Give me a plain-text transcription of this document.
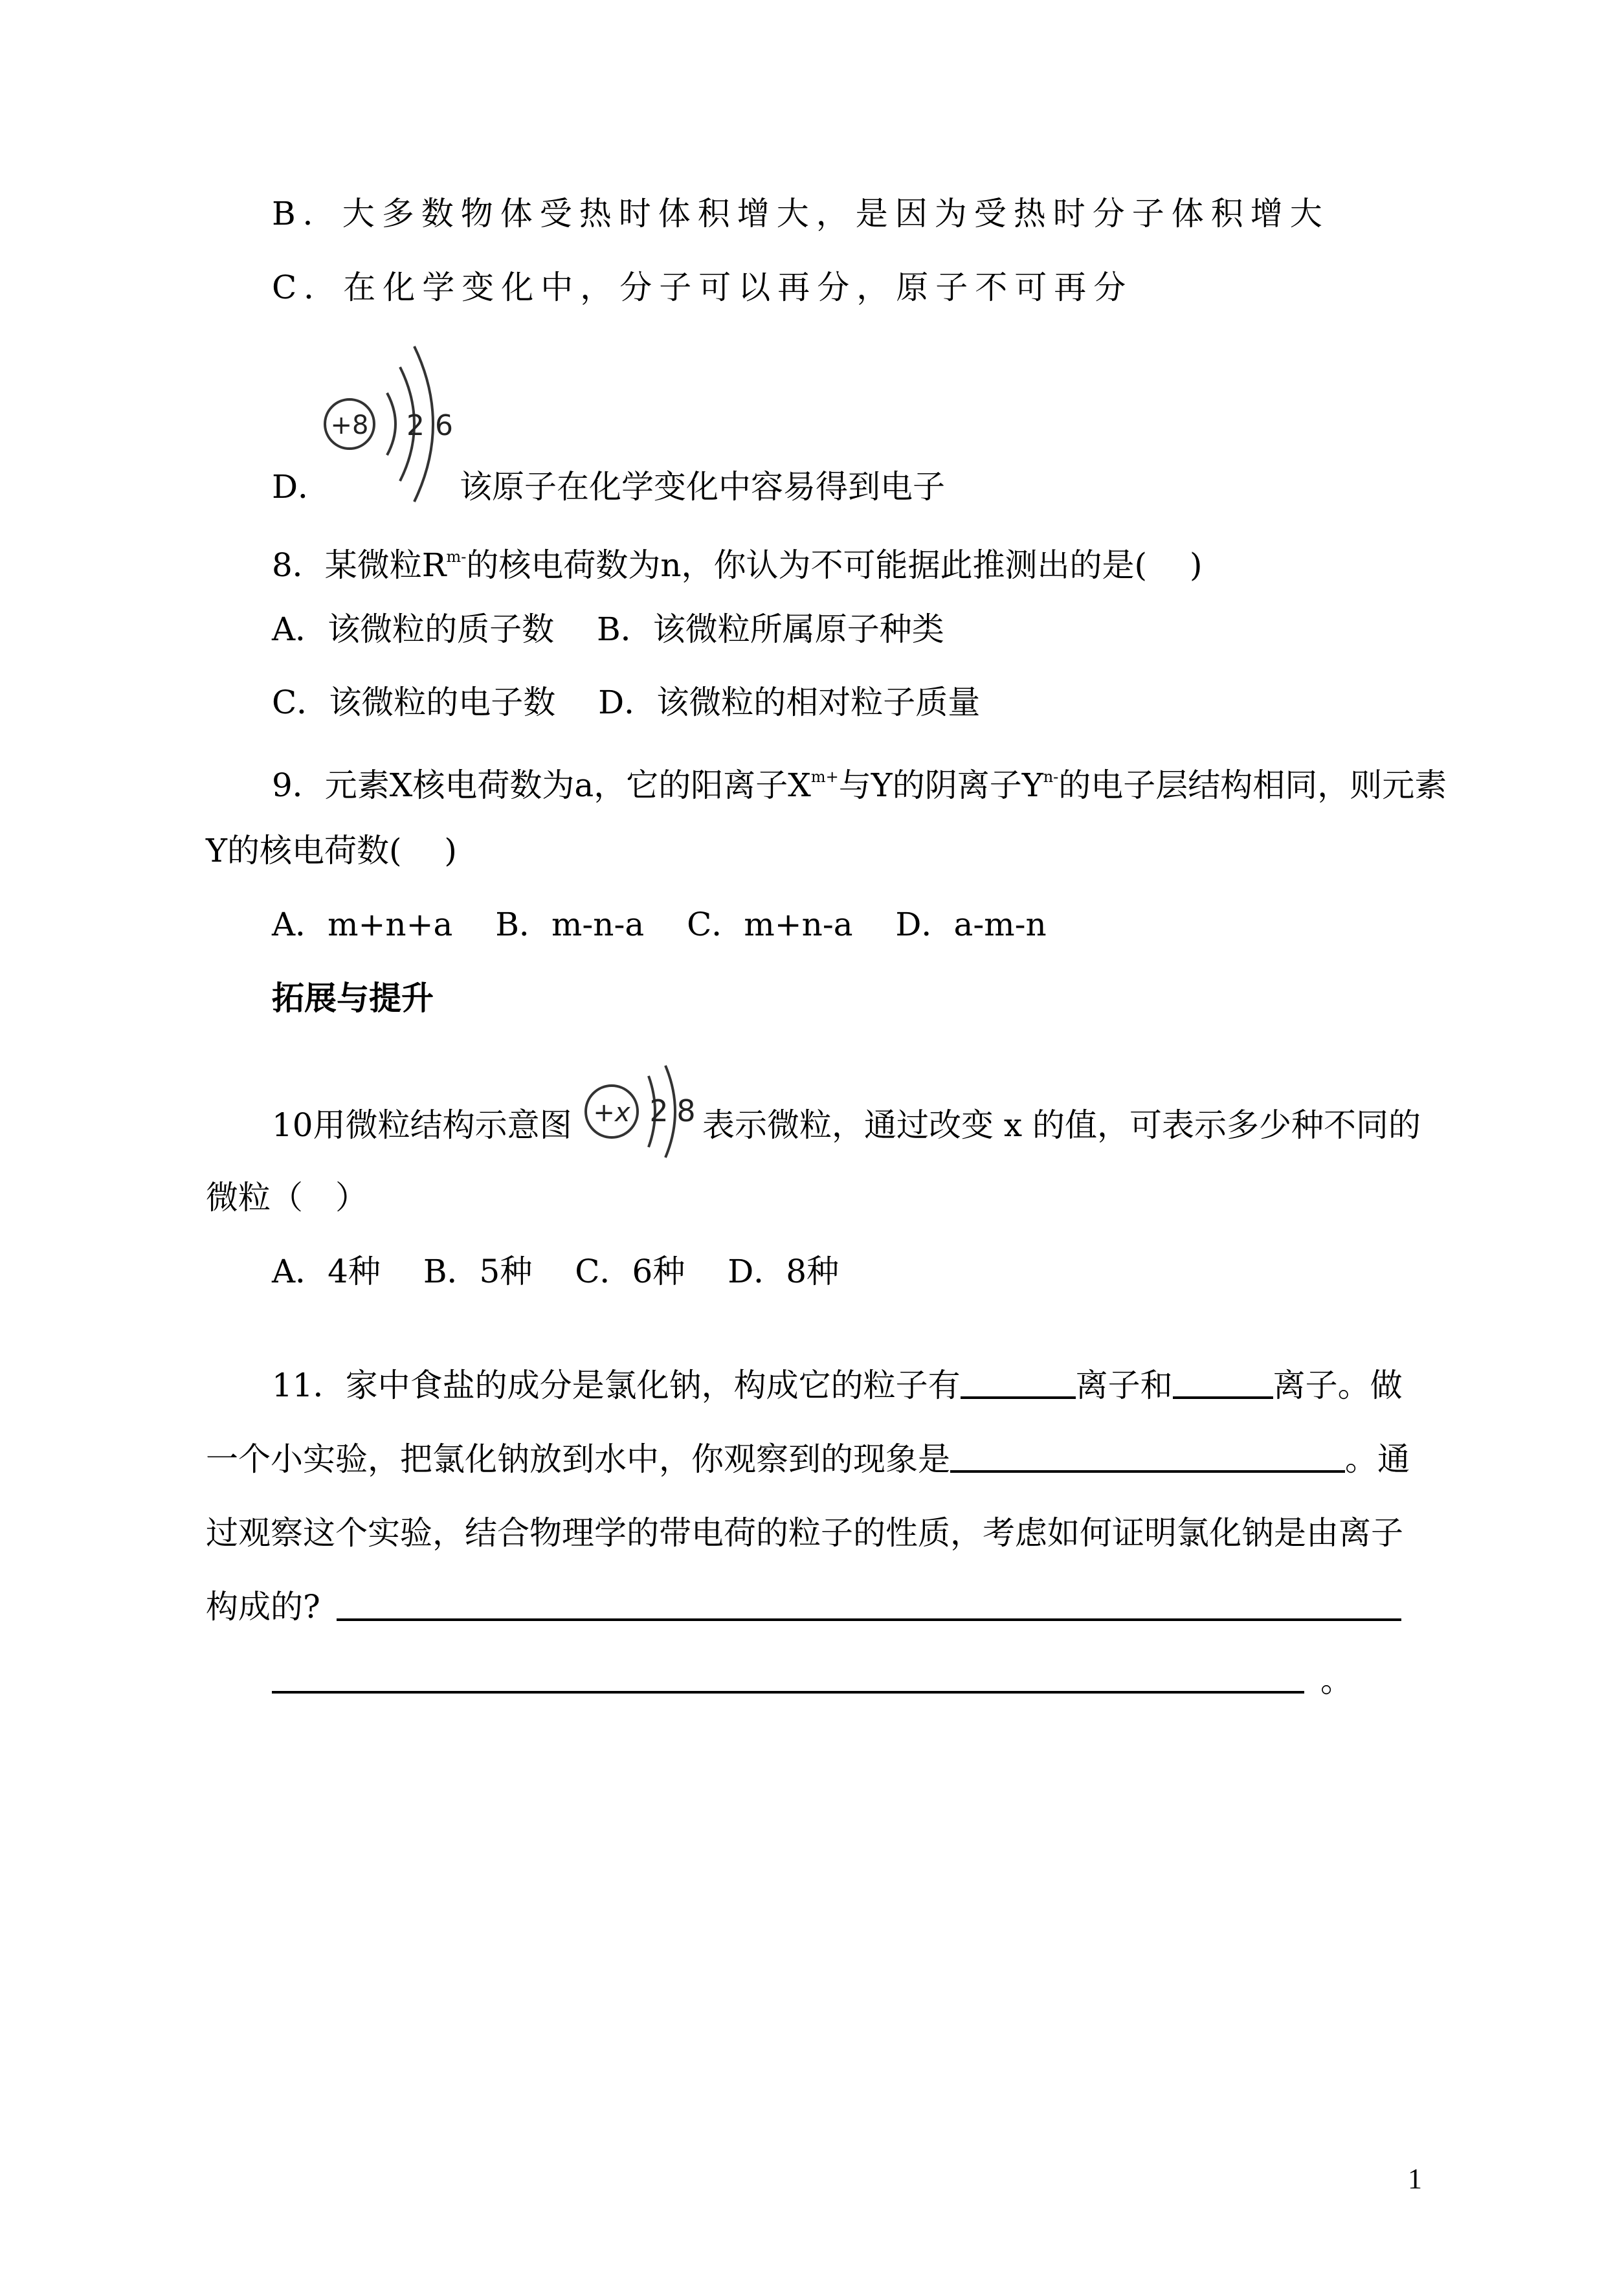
B．大多数物体受热时体积增大，是因为受热时分子体积增大
C．在化学变化中，分子可以再分，原子不可再分
+8 2 6
D．	该原子在化学变化中容易得到电子
8．某微粒$R^{m-}$的核电荷数为n，你认为不可能据此推测出的是(　 )
A．该微粒的质子数　 B．该微粒所属原子种类
C．该微粒的电子数　 D．该微粒的相对粒子质量
9．元素X核电荷数为a，它的阳离子$X^{m+}$与Y的阴离子$Y^{n-}$的电子层结构相同，则元素
Y的核电荷数(　 )
A．m+n+a　 B．m-n-a　 C．m+n-a　 D．a-m-n
拓展与提升
10用微粒结构示意图 +x 2 8 表示微粒，通过改变 x 的值，可表示多少种不同的
微粒（　）
A．4种　 B．5种　 C．6种　 D．8种
11．家中食盐的成分是氯化钠，构成它的粒子有	离子和	离子。做
一个小实验，把氯化钠放到水中，你观察到的现象是	。通
过观察这个实验，结合物理学的带电荷的粒子的性质，考虑如何证明氯化钠是由离子
构成的?
。
1
